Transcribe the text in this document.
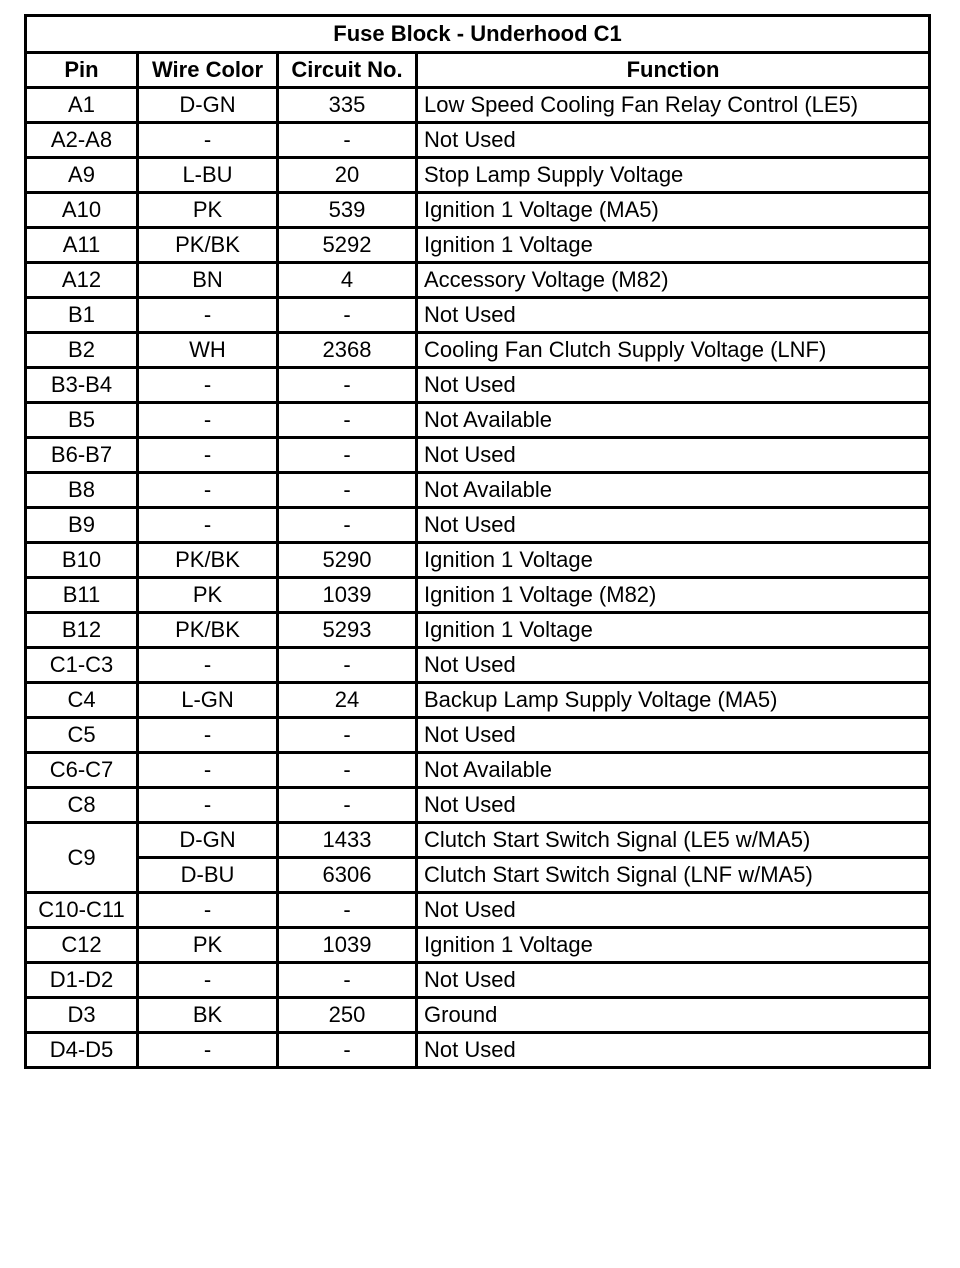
Fuse Block - Underhood C1			
Pin	Wire Color	Circuit No.	Function
A1	D-GN	335	Low Speed Cooling Fan Relay Control (LE5)
A2-A8	-	-	Not Used
A9	L-BU	20	Stop Lamp Supply Voltage
A10	PK	539	Ignition 1 Voltage (MA5)
A11	PK/BK	5292	Ignition 1 Voltage
A12	BN	4	Accessory Voltage (M82)
B1	-	-	Not Used
B2	WH	2368	Cooling Fan Clutch Supply Voltage (LNF)
B3-B4	-	-	Not Used
B5	-	-	Not Available
B6-B7	-	-	Not Used
B8	-	-	Not Available
B9	-	-	Not Used
B10	PK/BK	5290	Ignition 1 Voltage
B11	PK	1039	Ignition 1 Voltage (M82)
B12	PK/BK	5293	Ignition 1 Voltage
C1-C3	-	-	Not Used
C4	L-GN	24	Backup Lamp Supply Voltage (MA5)
C5	-	-	Not Used
C6-C7	-	-	Not Available
C8	-	-	Not Used
C9	D-GN	1433	Clutch Start Switch Signal (LE5 w/MA5)
	D-BU	6306	Clutch Start Switch Signal (LNF w/MA5)
C10-C11	-	-	Not Used
C12	PK	1039	Ignition 1 Voltage
D1-D2	-	-	Not Used
D3	BK	250	Ground
D4-D5	-	-	Not Used
